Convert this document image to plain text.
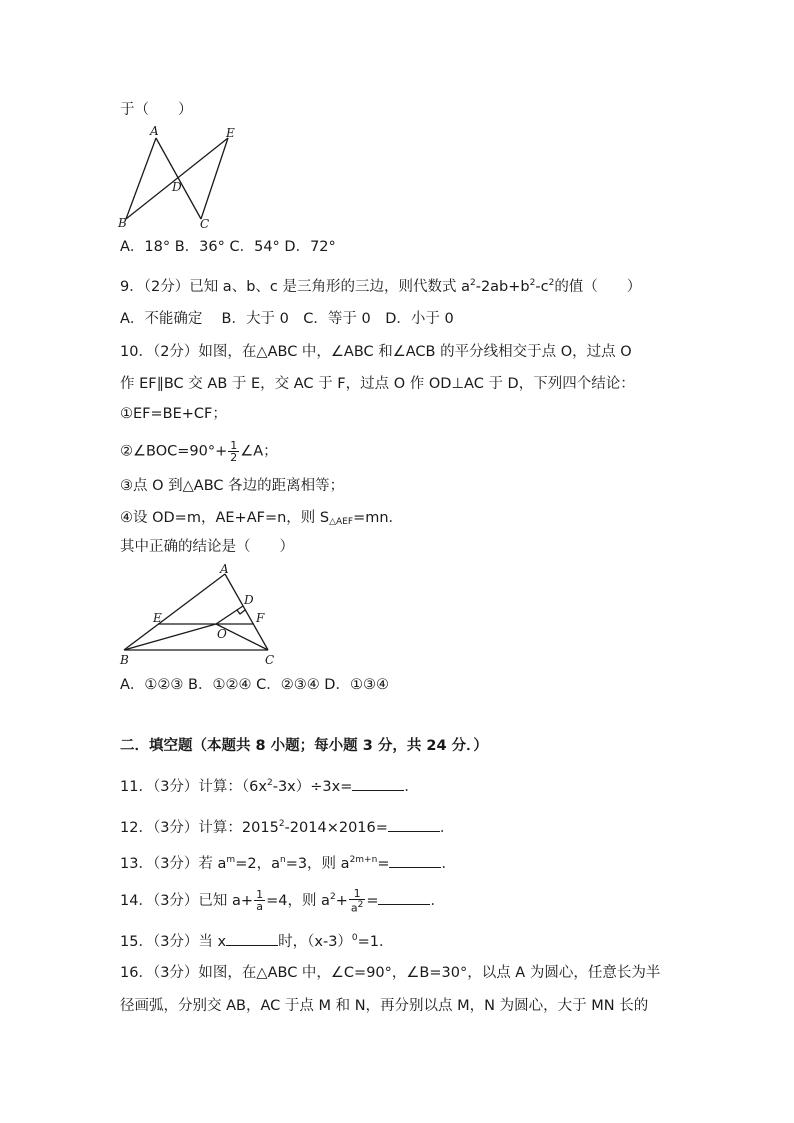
于（　　）
A	E
D
B	C
A．18° B．36° C．54° D．72°
9．（2分）已知 a、b、c 是三角形的三边，则代数式 $a^2-2ab+b^2-c^2$的值（　　）
A．不能确定　 B．大于 0　C．等于 0　D．小于 0
10．（2分）如图，在△ABC 中，∠ABC 和∠ACB 的平分线相交于点 O，过点 O
作 EF∥BC 交 AB 于 E，交 AC 于 F，过点 O 作 OD⊥AC 于 D，下列四个结论：
①EF=BE+CF；
②∠BOC=90°+ $\frac{1}{2}$ ∠A；
③点 O 到△ABC 各边的距离相等；
④设 OD=m，AE+AF=n，则 $S_{\triangle AEF}=mn$．
其中正确的结论是（　　）
A
D
E	F
O
B	C
A．①②③ B．①②④ C．②③④ D．①③④
二．填空题（本题共 8 小题；每小题 3 分，共 24 分．）
11．（3分）计算：$(6x^2-3x)\div 3x=$	．
12．（3分）计算：$2015^2-2014\times 2016=$	．
13．（3分）若 $a^m=2$，$a^n=3$，则 $a^{2m+n}=$	．
14．（3分）已知 $a+ \frac{1}{a} =4$，则 $a^2+ \frac{1}{a^2}$ =	．
15．（3分）当 x	时，$(x-3)^0=1$．
16．（3分）如图，在△ABC 中，∠C=90°，∠B=30°，以点 A 为圆心，任意长为半
径画弧，分别交 AB，AC 于点 M 和 N，再分别以点 M，N 为圆心，大于 MN 长的
